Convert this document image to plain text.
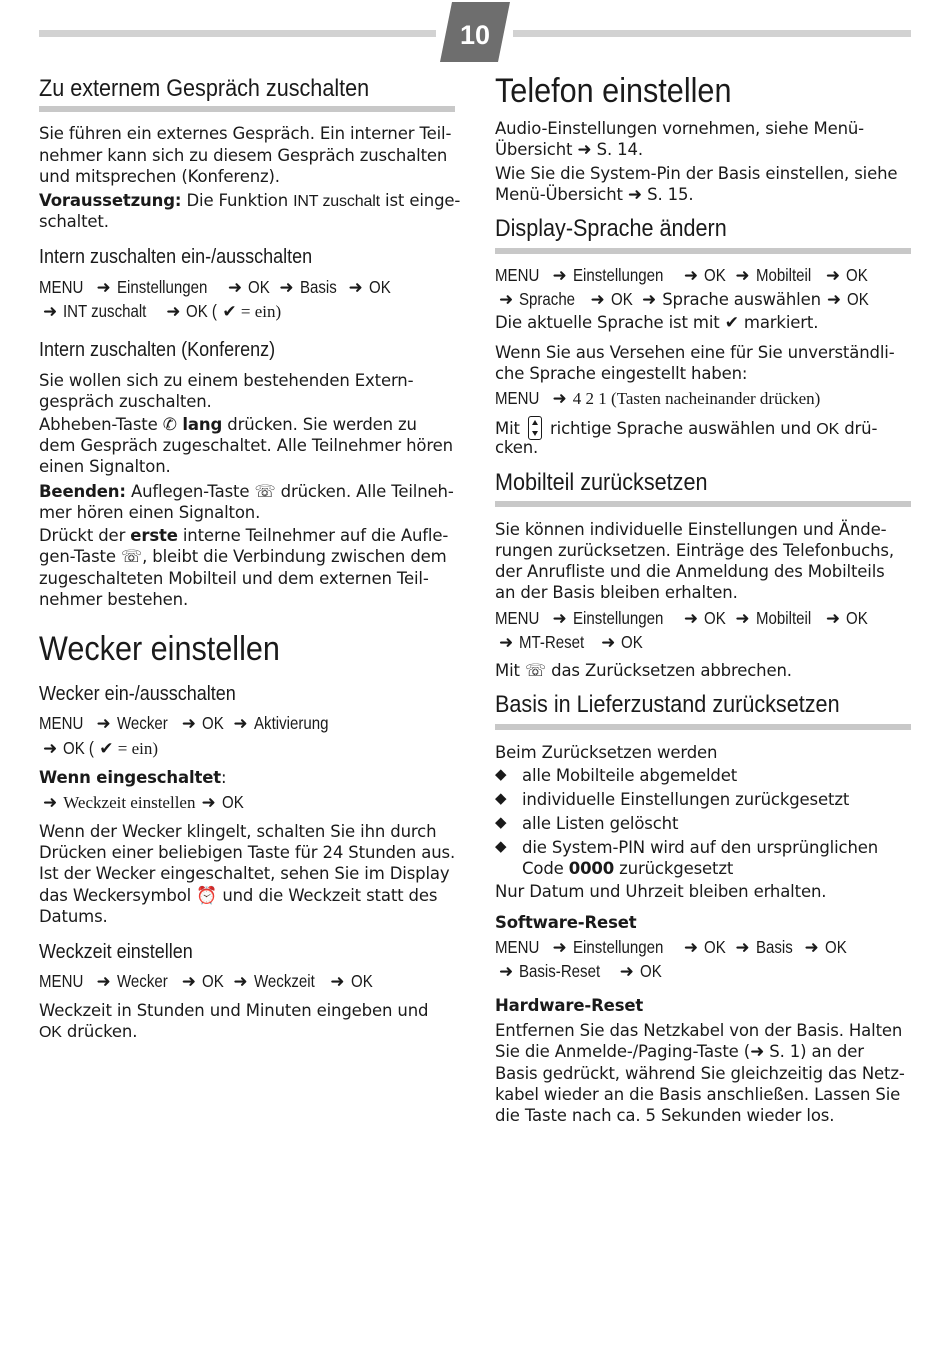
10
Zu externem Gespräch zuschalten
Sie führen ein externes Gespräch. Ein interner Teil-
nehmer kann sich zu diesem Gespräch zuschalten
und mitsprechen (Konferenz).
Voraussetzung: Die Funktion INT zuschalt ist einge-
schaltet.
Intern zuschalten ein-/ausschalten
MENU ➜ Einstellungen ➜ OK ➜ Basis ➜ OK
➜ INT zuschalt ➜ OK ( ✔ = ein)
Intern zuschalten (Konferenz)
Sie wollen sich zu einem bestehenden Extern-
gespräch zuschalten.
Abheben-Taste ✆ lang drücken. Sie werden zu
dem Gespräch zugeschaltet. Alle Teilnehmer hören
einen Signalton.
Beenden: Auflegen-Taste ☏ drücken. Alle Teilneh-
mer hören einen Signalton.
Drückt der erste interne Teilnehmer auf die Aufle-
gen-Taste ☏, bleibt die Verbindung zwischen dem
zugeschalteten Mobilteil und dem externen Teil-
nehmer bestehen.
Wecker einstellen
Wecker ein-/ausschalten
MENU ➜ Wecker ➜ OK ➜ Aktivierung
➜ OK ( ✔ = ein)
Wenn eingeschaltet:
➜ Weckzeit einstellen ➜ OK
Wenn der Wecker klingelt, schalten Sie ihn durch
Drücken einer beliebigen Taste für 24 Stunden aus.
Ist der Wecker eingeschaltet, sehen Sie im Display
das Weckersymbol ⏰ und die Weckzeit statt des
Datums.
Weckzeit einstellen
MENU ➜ Wecker ➜ OK ➜ Weckzeit ➜ OK
Weckzeit in Stunden und Minuten eingeben und
OK drücken.
Telefon einstellen
Audio-Einstellungen vornehmen, siehe Menü-
Übersicht ➜ S. 14.
Wie Sie die System-Pin der Basis einstellen, siehe
Menü-Übersicht ➜ S. 15.
Display-Sprache ändern
MENU ➜ Einstellungen ➜ OK ➜ Mobilteil ➜ OK
➜ Sprache ➜ OK ➜ Sprache auswählen ➜ OK
Die aktuelle Sprache ist mit ✔ markiert.
Wenn Sie aus Versehen eine für Sie unverständli-
che Sprache eingestellt haben:
MENU ➜ 4 2 1 (Tasten nacheinander drücken)
Mit  richtige Sprache auswählen und OK drü-
cken.
Mobilteil zurücksetzen
Sie können individuelle Einstellungen und Ände-
rungen zurücksetzen. Einträge des Telefonbuchs,
der Anrufliste und die Anmeldung des Mobilteils
an der Basis bleiben erhalten.
MENU ➜ Einstellungen ➜ OK ➜ Mobilteil ➜ OK
➜ MT-Reset ➜ OK
Mit ☏ das Zurücksetzen abbrechen.
Basis in Lieferzustand zurücksetzen
Beim Zurücksetzen werden
◆ alle Mobilteile abgemeldet
◆ individuelle Einstellungen zurückgesetzt
◆ alle Listen gelöscht
◆ die System-PIN wird auf den ursprünglichen
Code 0000 zurückgesetzt
Nur Datum und Uhrzeit bleiben erhalten.
Software-Reset
MENU ➜ Einstellungen ➜ OK ➜ Basis ➜ OK
➜ Basis-Reset ➜ OK
Hardware-Reset
Entfernen Sie das Netzkabel von der Basis. Halten
Sie die Anmelde-/Paging-Taste (➜ S. 1) an der
Basis gedrückt, während Sie gleichzeitig das Netz-
kabel wieder an die Basis anschließen. Lassen Sie
die Taste nach ca. 5 Sekunden wieder los.
